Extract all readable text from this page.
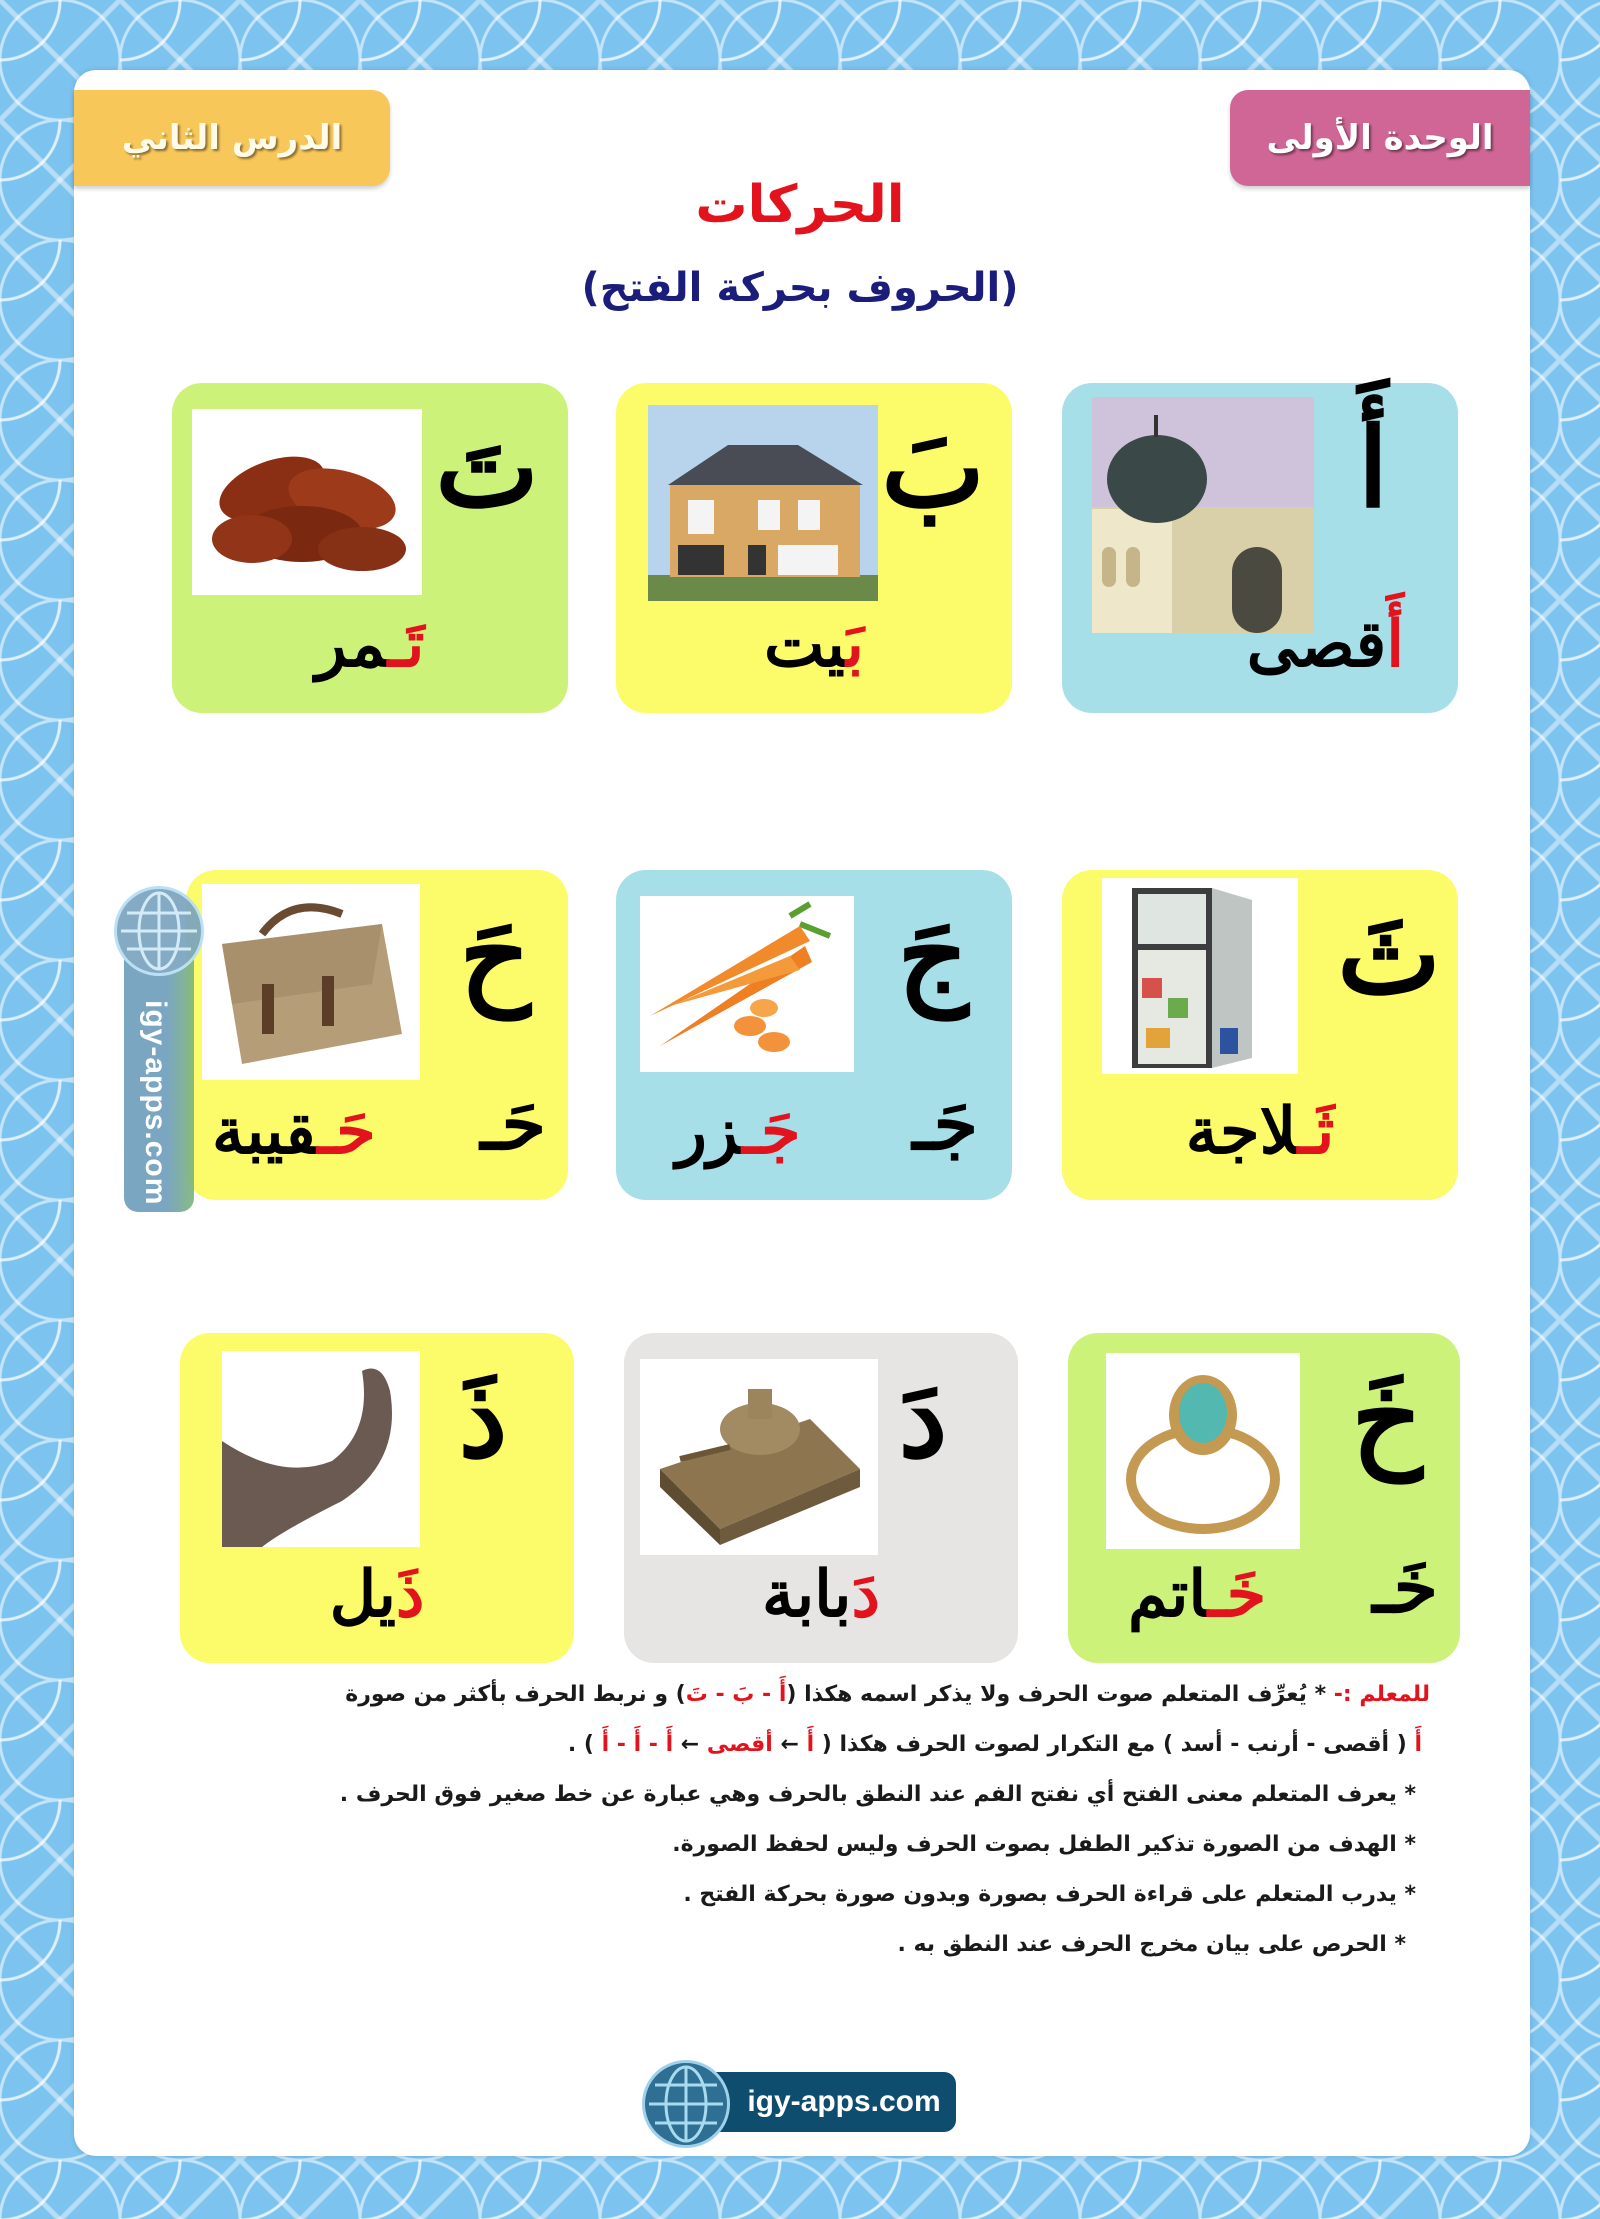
الوحدة الأولى
الدرس الثاني
الحركات
(الحروف بحركة الفتح)
أَ
أَقصى
بَ
بَيت
تَ
تَـمر
ثَ
ثَـلاجة
جَ
جَـ
جَـزر
حَ
حَـ
حَـقيبة
igy-apps.com
خَ
خَـ
خَـاتم
دَ
دَبابة
ذَ
ذَيل
للمعلم :- * يُعرِّف المتعلم صوت الحرف ولا يذكر اسمه هكذا (أَ - بَ - تَ) و نربط الحرف بأكثر من صورة
أَ ( أقصى - أرنب - أسد ) مع التكرار لصوت الحرف هكذا ( أَ ← أقصى ← أَ - أَ - أَ ) .
* يعرف المتعلم معنى الفتح أي نفتح الفم عند النطق بالحرف وهي عبارة عن خط صغير فوق الحرف .
* الهدف من الصورة تذكير الطفل بصوت الحرف وليس لحفظ الصورة.
* يدرب المتعلم على قراءة الحرف بصورة وبدون صورة بحركة الفتح .
* الحرص على بيان مخرج الحرف عند النطق به .
igy-apps.com
